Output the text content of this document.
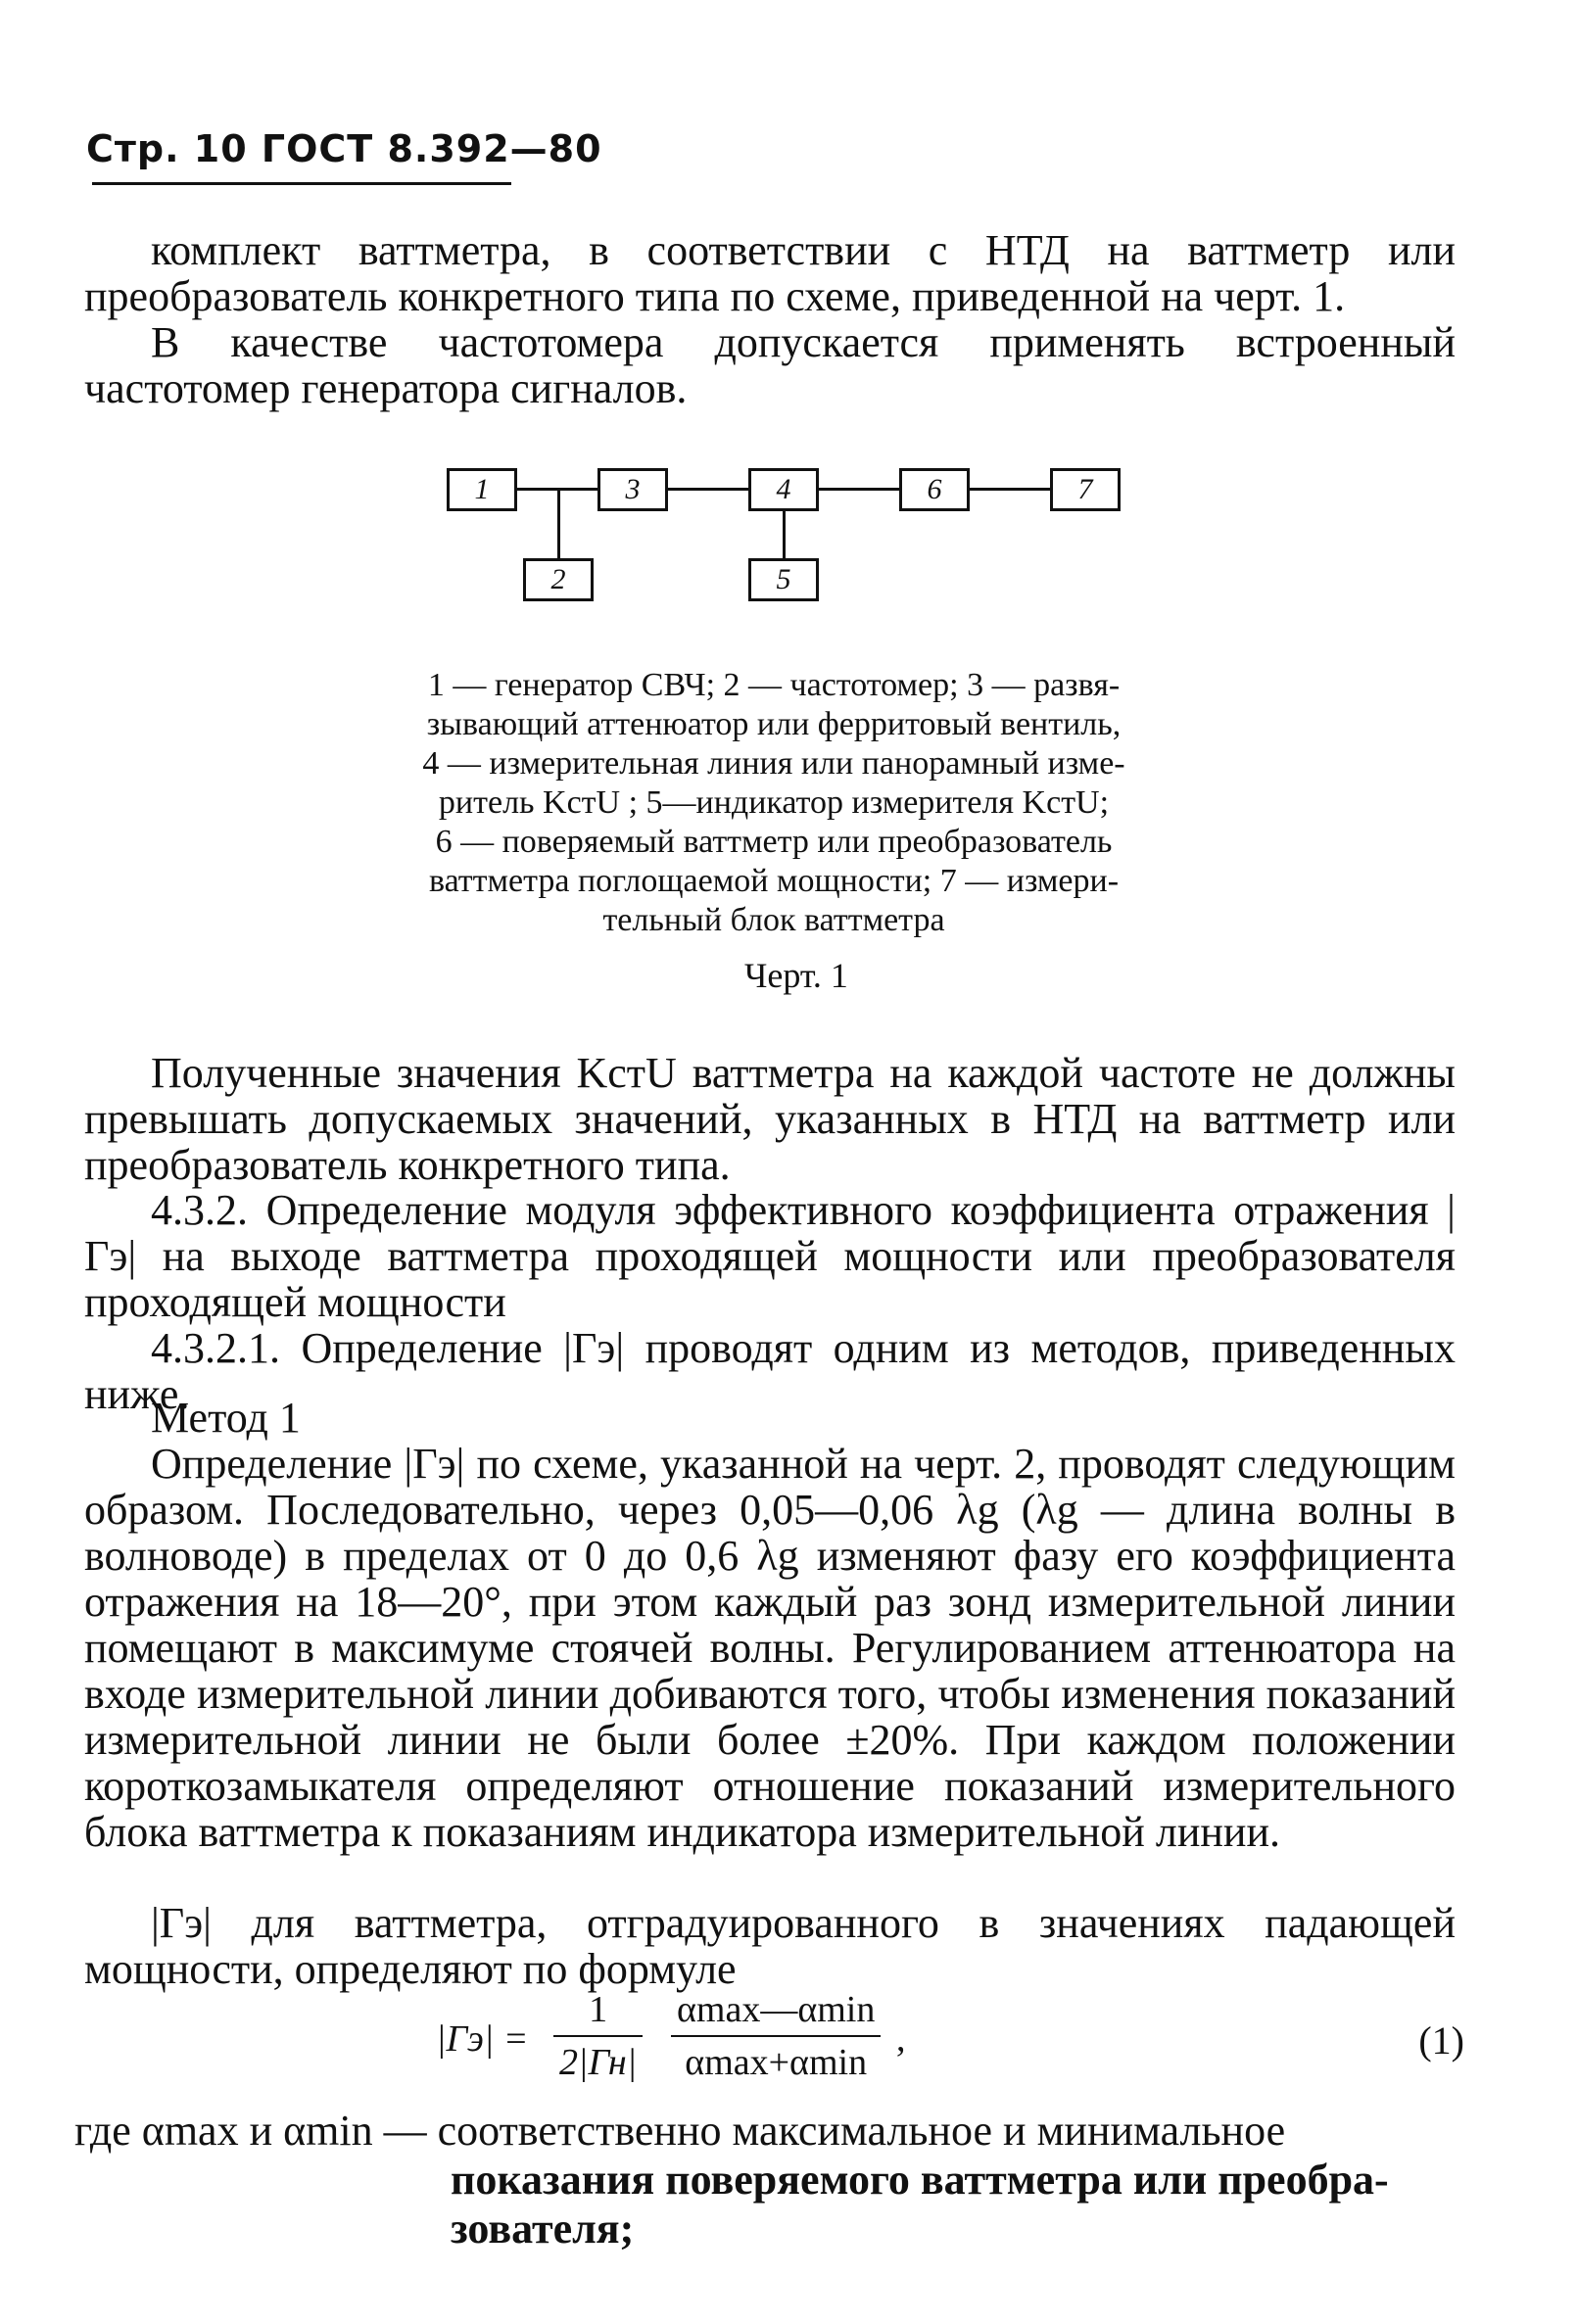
Стр. 10 ГОСТ 8.392—80
комплект ваттметра, в соответствии с НТД на ваттметр или преобразователь конкретного типа по схеме, приведенной на черт. 1.
В качестве частотомера допускается применять встроенный частотомер генератора сигналов.
1	3	4	6	7
2	5
1 — генератор СВЧ; 2 — частотомер; 3 — развя-
зывающий аттенюатор или ферритовый вентиль,
4 — измерительная линия или панорамный изме-
ритель KстU ; 5—индикатор измерителя KстU;
6 — поверяемый ваттметр или преобразователь
ваттметра поглощаемой мощности; 7 — измери-
тельный блок ваттметра
Черт. 1
Полученные значения KстU ваттметра на каждой частоте не должны превышать допускаемых значений, указанных в НТД на ваттметр или преобразователь конкретного типа.
4.3.2. Определение модуля эффективного коэффициента отражения |Гэ| на выходе ваттметра проходящей мощности или преобразователя проходящей мощности
4.3.2.1. Определение |Гэ| проводят одним из методов, приведенных ниже.
Метод 1
Определение |Гэ| по схеме, указанной на черт. 2, проводят следующим образом. Последовательно, через 0,05—0,06 λg (λg — длина волны в волноводе) в пределах от 0 до 0,6 λg изменяют фазу его коэффициента отражения на 18—20°, при этом каждый раз зонд измерительной линии помещают в максимуме стоячей волны. Регулированием аттенюатора на входе измерительной линии добиваются того, чтобы изменения показаний измерительной линии не были более ±20%. При каждом положении короткозамыкателя определяют отношение показаний измерительного блока ваттметра к показаниям индикатора измерительной линии.
|Гэ| для ваттметра, отградуированного в значениях падающей мощности, определяют по формуле
|Гэ| =
1
2|Гн|
αmax—αmin
αmax+αmin
,	(1)
где αmax и αmin — соответственно максимальное и минимальное
показания поверяемого ваттметра или преобра-
зователя;
